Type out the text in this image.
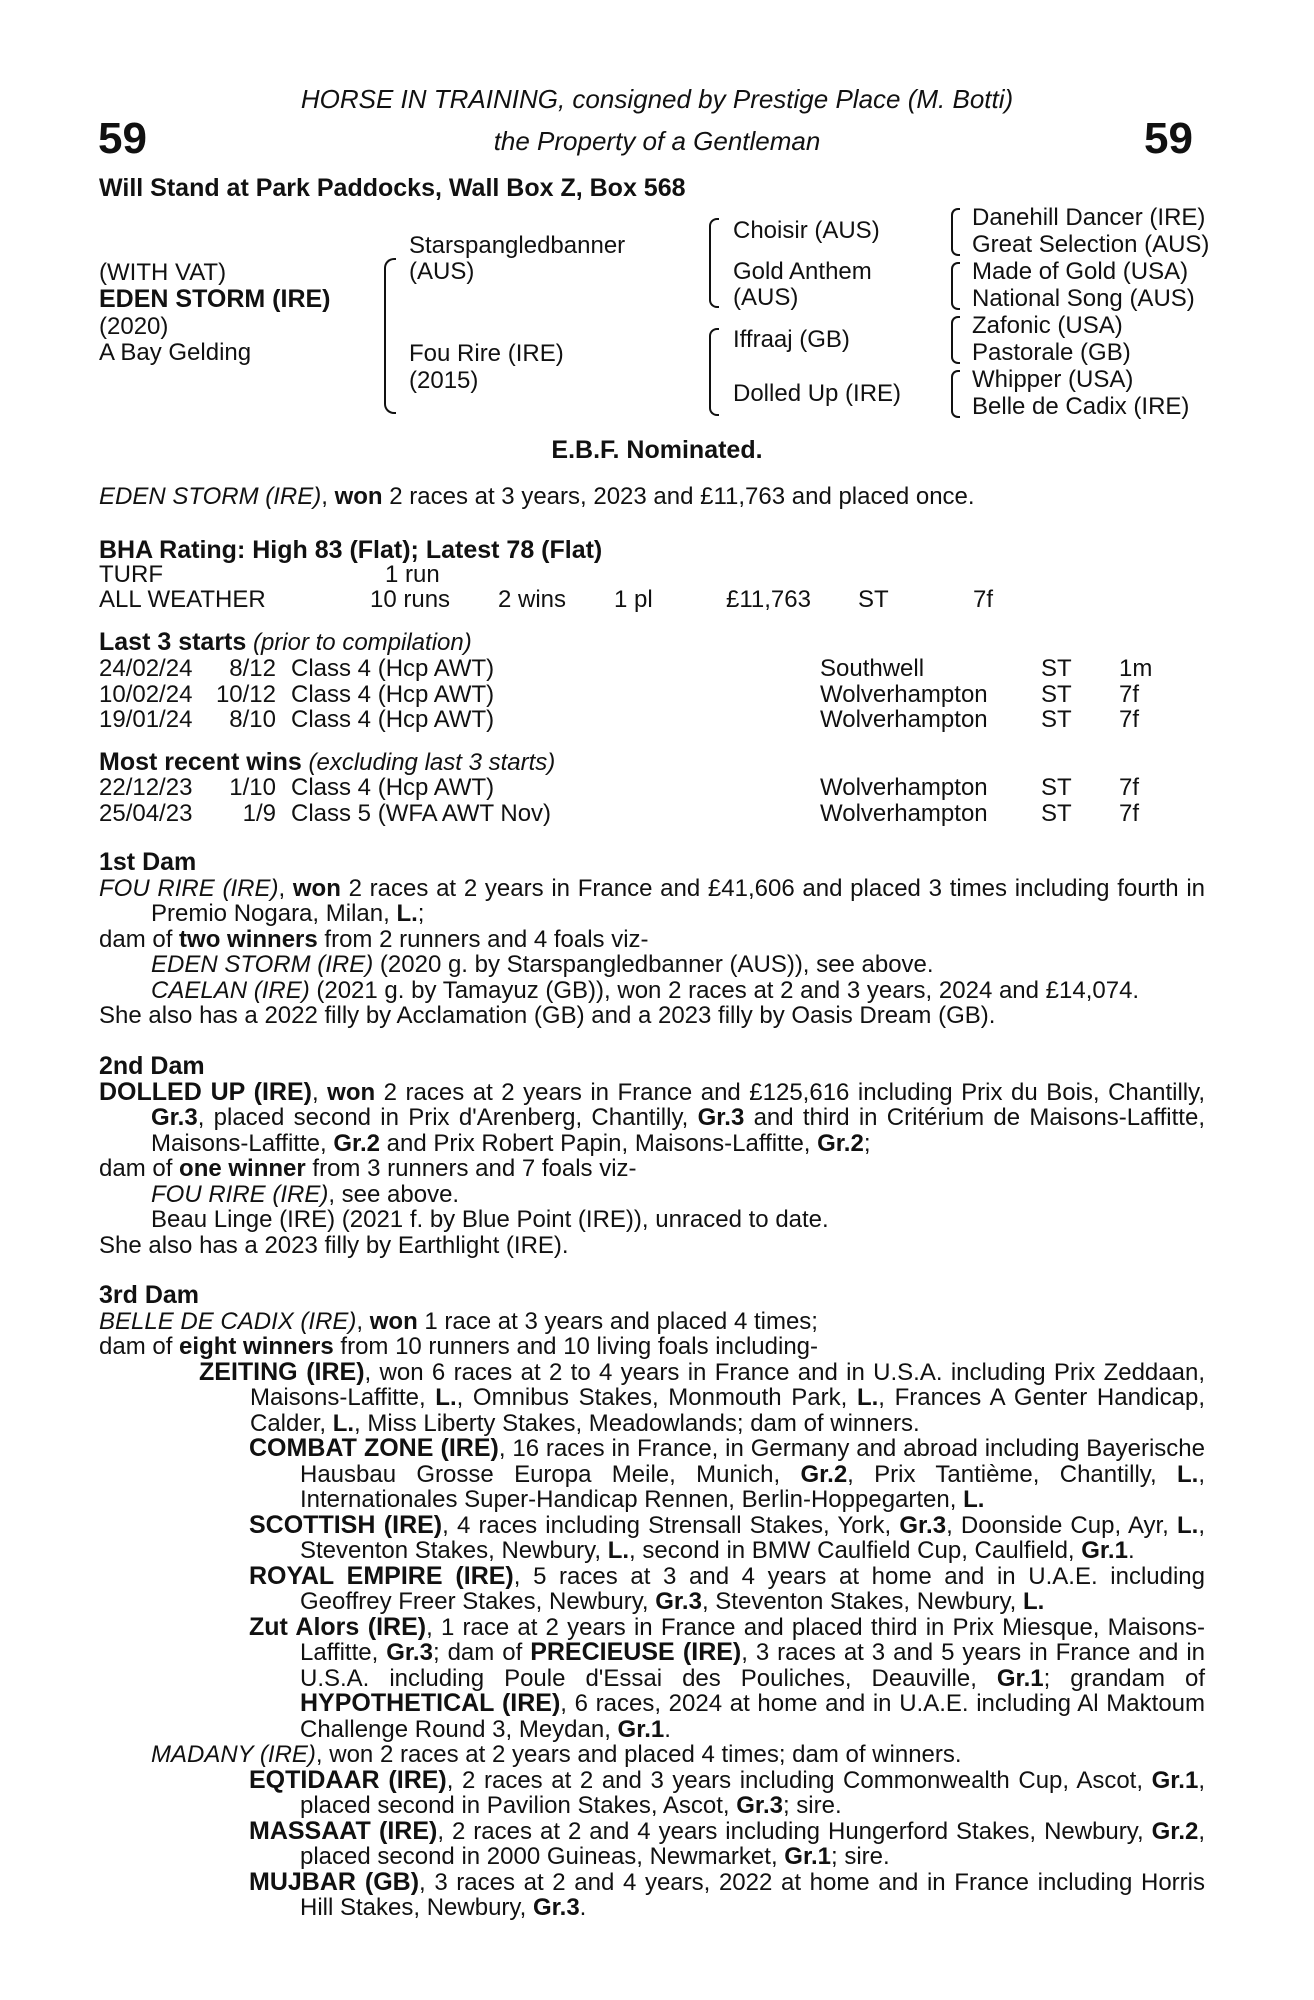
59	59
HORSE IN TRAINING, consigned by Prestige Place (M. Botti)
the Property of a Gentleman
Will Stand at Park Paddocks, Wall Box Z, Box 568
(WITH VAT)
EDEN STORM (IRE)
(2020)
A Bay Gelding
Starspangledbanner
(AUS)
Fou Rire (IRE)
(2015)
Choisir (AUS)
Gold Anthem
(AUS)
Iffraaj (GB)
Dolled Up (IRE)
Danehill Dancer (IRE)
Great Selection (AUS)
Made of Gold (USA)
National Song (AUS)
Zafonic (USA)
Pastorale (GB)
Whipper (USA)
Belle de Cadix (IRE)
E.B.F. Nominated.
EDEN STORM (IRE), won 2 races at 3 years, 2023 and £11,763 and placed once.
BHA Rating: High 83 (Flat); Latest 78 (Flat)
TURF	1 run
ALL WEATHER	10 runs 2 wins 1 pl	£11,763 ST	7f
Last 3 starts (prior to compilation)
24/02/24	8/12 Class 4 (Hcp AWT)	Southwell	ST 1m
10/02/24 10/12 Class 4 (Hcp AWT)	Wolverhampton ST 7f
19/01/24	8/10 Class 4 (Hcp AWT)	Wolverhampton ST 7f
Most recent wins (excluding last 3 starts)
22/12/23	1/10 Class 4 (Hcp AWT)	Wolverhampton ST 7f
25/04/23	1/9 Class 5 (WFA AWT Nov)	Wolverhampton ST 7f

1st Dam

FOU RIRE (IRE), won 2 races at 2 years in France and £41,606 and placed 3 times including fourth in Premio Nogara, Milan, L.;

dam of two winners from 2 runners and 4 foals viz-

EDEN STORM (IRE) (2020 g. by Starspangledbanner (AUS)), see above.

CAELAN (IRE) (2021 g. by Tamayuz (GB)), won 2 races at 2 and 3 years, 2024 and £14,074.

She also has a 2022 filly by Acclamation (GB) and a 2023 filly by Oasis Dream (GB).

2nd Dam

DOLLED UP (IRE), won 2 races at 2 years in France and £125,616 including Prix du Bois, Chantilly, Gr.3, placed second in Prix d'Arenberg, Chantilly, Gr.3 and third in Critérium de Maisons-Laffitte, Maisons-Laffitte, Gr.2 and Prix Robert Papin, Maisons-Laffitte, Gr.2;

dam of one winner from 3 runners and 7 foals viz-

FOU RIRE (IRE), see above.

Beau Linge (IRE) (2021 f. by Blue Point (IRE)), unraced to date.

She also has a 2023 filly by Earthlight (IRE).

3rd Dam

BELLE DE CADIX (IRE), won 1 race at 3 years and placed 4 times;

dam of eight winners from 10 runners and 10 living foals including-

ZEITING (IRE), won 6 races at 2 to 4 years in France and in U.S.A. including Prix Zeddaan, Maisons-Laffitte, L., Omnibus Stakes, Monmouth Park, L., Frances A Genter Handicap, Calder, L., Miss Liberty Stakes, Meadowlands; dam of winners.

COMBAT ZONE (IRE), 16 races in France, in Germany and abroad including Bayerische Hausbau Grosse Europa Meile, Munich, Gr.2, Prix Tantième, Chantilly, L., Internationales Super-Handicap Rennen, Berlin-Hoppegarten, L.

SCOTTISH (IRE), 4 races including Strensall Stakes, York, Gr.3, Doonside Cup, Ayr, L., Steventon Stakes, Newbury, L., second in BMW Caulfield Cup, Caulfield, Gr.1.

ROYAL EMPIRE (IRE), 5 races at 3 and 4 years at home and in U.A.E. including Geoffrey Freer Stakes, Newbury, Gr.3, Steventon Stakes, Newbury, L.

Zut Alors (IRE), 1 race at 2 years in France and placed third in Prix Miesque, Maisons-Laffitte, Gr.3; dam of PRECIEUSE (IRE), 3 races at 3 and 5 years in France and in U.S.A. including Poule d'Essai des Pouliches, Deauville, Gr.1; grandam of HYPOTHETICAL (IRE), 6 races, 2024 at home and in U.A.E. including Al Maktoum Challenge Round 3, Meydan, Gr.1.

MADANY (IRE), won 2 races at 2 years and placed 4 times; dam of winners.

EQTIDAAR (IRE), 2 races at 2 and 3 years including Commonwealth Cup, Ascot, Gr.1, placed second in Pavilion Stakes, Ascot, Gr.3; sire.

MASSAAT (IRE), 2 races at 2 and 4 years including Hungerford Stakes, Newbury, Gr.2, placed second in 2000 Guineas, Newmarket, Gr.1; sire.

MUJBAR (GB), 3 races at 2 and 4 years, 2022 at home and in France including Horris Hill Stakes, Newbury, Gr.3.
